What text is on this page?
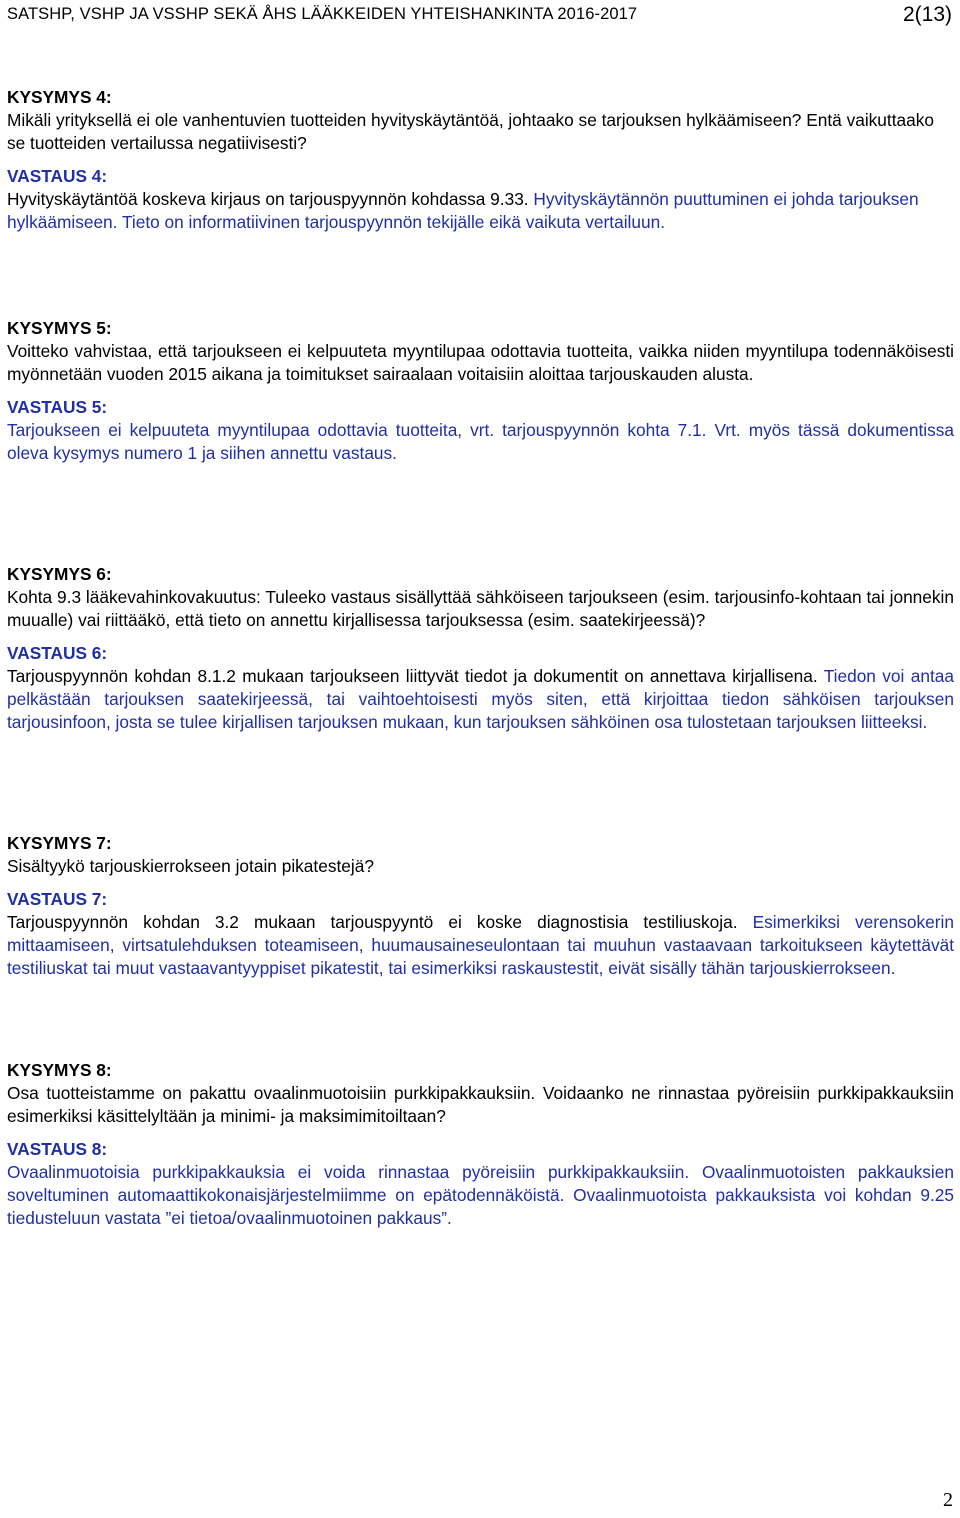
SATSHP, VSHP JA VSSHP SEKÄ ÅHS LÄÄKKEIDEN YHTEISHANKINTA 2016-2017	2(13)

KYSYMYS 4:

Mikäli yrityksellä ei ole vanhentuvien tuotteiden hyvityskäytäntöä, johtaako se tarjouksen hylkäämiseen? Entä vaikuttaako se tuotteiden vertailussa negatiivisesti?

VASTAUS 4:

Hyvityskäytäntöä koskeva kirjaus on tarjouspyynnön kohdassa 9.33. Hyvityskäytännön puuttuminen ei johda tarjouksen hylkäämiseen. Tieto on informatiivinen tarjouspyynnön tekijälle eikä vaikuta vertailuun.

KYSYMYS 5:

Voitteko vahvistaa, että tarjoukseen ei kelpuuteta myyntilupaa odottavia tuotteita, vaikka niiden myyntilupa todennäköisesti myönnetään vuoden 2015 aikana ja toimitukset sairaalaan voitaisiin aloittaa tarjouskauden alusta.

VASTAUS 5:

Tarjoukseen ei kelpuuteta myyntilupaa odottavia tuotteita, vrt. tarjouspyynnön kohta 7.1. Vrt. myös tässä dokumentissa oleva kysymys numero 1 ja siihen annettu vastaus.

KYSYMYS 6:

Kohta 9.3 lääkevahinkovakuutus: Tuleeko vastaus sisällyttää sähköiseen tarjoukseen (esim. tarjousinfo-kohtaan tai jonnekin muualle) vai riittääkö, että tieto on annettu kirjallisessa tarjouksessa (esim. saatekirjeessä)?

VASTAUS 6:

Tarjouspyynnön kohdan 8.1.2 mukaan tarjoukseen liittyvät tiedot ja dokumentit on annettava kirjallisena. Tiedon voi antaa pelkästään tarjouksen saatekirjeessä, tai vaihtoehtoisesti myös siten, että kirjoittaa tiedon sähköisen tarjouksen tarjousinfoon, josta se tulee kirjallisen tarjouksen mukaan, kun tarjouksen sähköinen osa tulostetaan tarjouksen liitteeksi.

KYSYMYS 7:

Sisältyykö tarjouskierrokseen jotain pikatestejä?

VASTAUS 7:

Tarjouspyynnön kohdan 3.2 mukaan tarjouspyyntö ei koske diagnostisia testiliuskoja. Esimerkiksi verensokerin mittaamiseen, virtsatulehduksen toteamiseen, huumausaineseulontaan tai muuhun vastaavaan tarkoitukseen käytettävät testiliuskat tai muut vastaavantyyppiset pikatestit, tai esimerkiksi raskaustestit, eivät sisälly tähän tarjouskierrokseen.

KYSYMYS 8:

Osa tuotteistamme on pakattu ovaalinmuotoisiin purkkipakkauksiin. Voidaanko ne rinnastaa pyöreisiin purkkipakkauksiin esimerkiksi käsittelyltään ja minimi- ja maksimimitoiltaan?

VASTAUS 8:

Ovaalinmuotoisia purkkipakkauksia ei voida rinnastaa pyöreisiin purkkipakkauksiin. Ovaalinmuotoisten pakkauksien soveltuminen automaattikokonaisjärjestelmiimme on epätodennäköistä. Ovaalinmuotoista pakkauksista voi kohdan 9.25 tiedusteluun vastata ”ei tietoa/ovaalinmuotoinen pakkaus”.

2
